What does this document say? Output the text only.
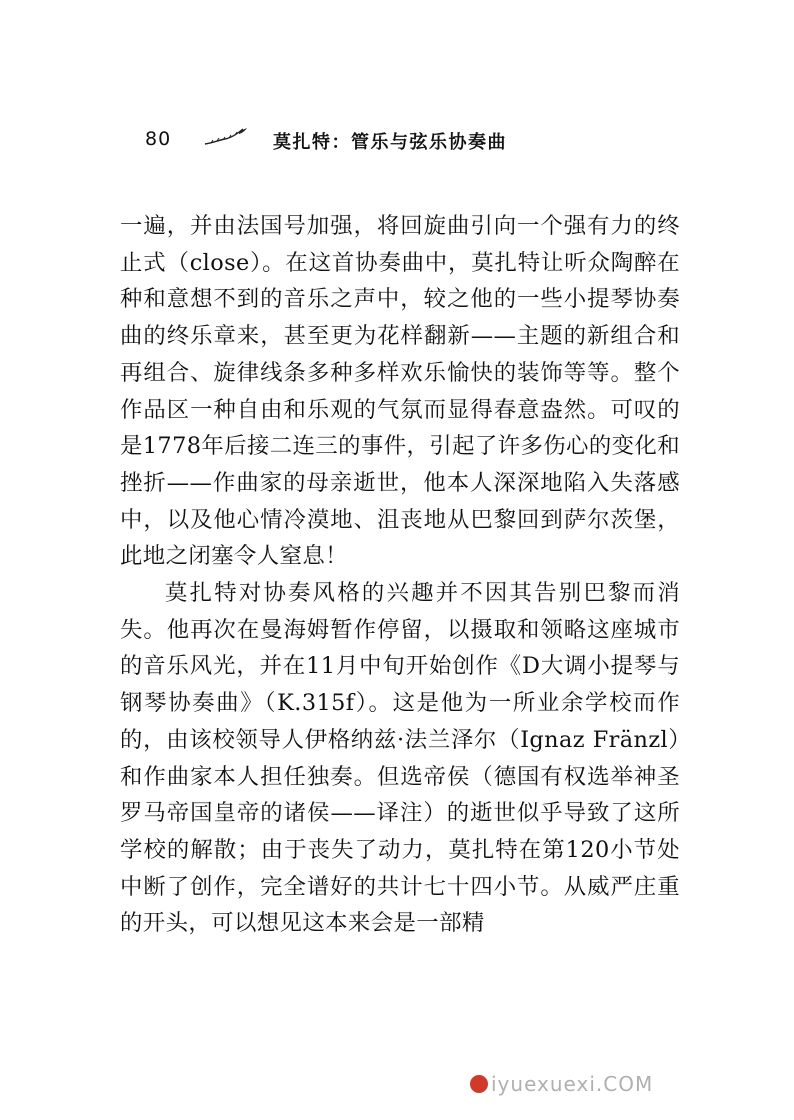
80	莫扎特：管乐与弦乐协奏曲

一遍，并由法国号加强，将回旋曲引向一个强有力的终止式（close）。在这首协奏曲中，莫扎特让听众陶醉在种和意想不到的音乐之声中，较之他的一些小提琴协奏曲的终乐章来，甚至更为花样翻新——主题的新组合和再组合、旋律线条多种多样欢乐愉快的装饰等等。整个作品区一种自由和乐观的气氛而显得春意盎然。可叹的是1778年后接二连三的事件，引起了许多伤心的变化和挫折——作曲家的母亲逝世，他本人深深地陷入失落感中，以及他心情冷漠地、沮丧地从巴黎回到萨尔茨堡，此地之闭塞令人窒息！

莫扎特对协奏风格的兴趣并不因其告别巴黎而消失。他再次在曼海姆暂作停留，以摄取和领略这座城市的音乐风光，并在11月中旬开始创作《D大调小提琴与钢琴协奏曲》（K.315f）。这是他为一所业余学校而作的，由该校领导人伊格纳兹·法兰泽尔（Ignaz Fränzl）和作曲家本人担任独奏。但选帝侯（德国有权选举神圣罗马帝国皇帝的诸侯——译注）的逝世似乎导致了这所学校的解散；由于丧失了动力，莫扎特在第120小节处中断了创作，完全谱好的共计七十四小节。从威严庄重的开头，可以想见这本来会是一部精

iyuexuexi.COM
